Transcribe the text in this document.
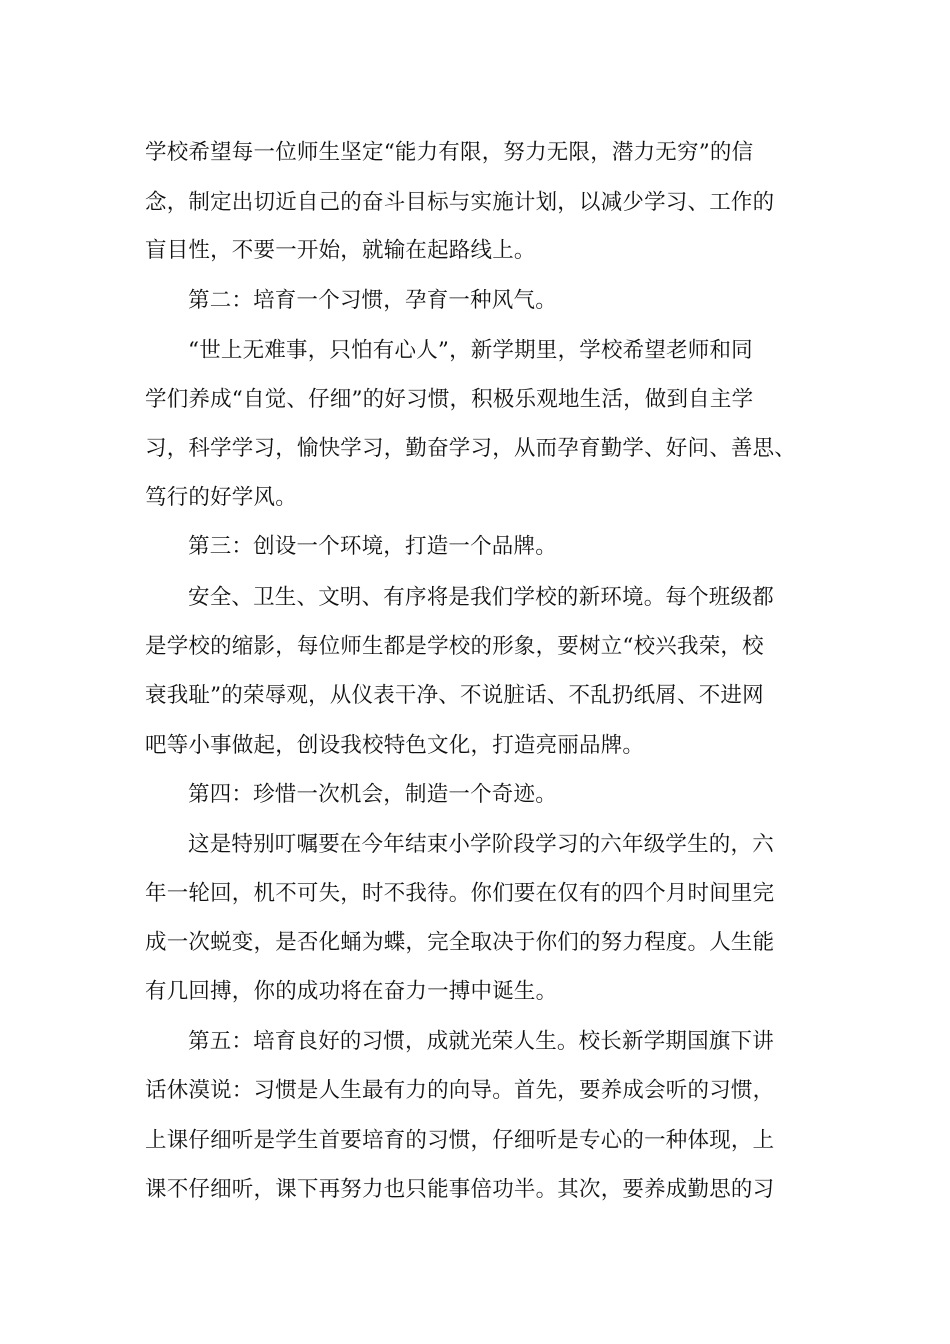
学校希望每一位师生坚定“能力有限，努力无限，潜力无穷”的信

念，制定出切近自己的奋斗目标与实施计划，以减少学习、工作的

盲目性，不要一开始，就输在起路线上。

第二：培育一个习惯，孕育一种风气。

“世上无难事，只怕有心人”，新学期里，学校希望老师和同

学们养成“自觉、仔细”的好习惯，积极乐观地生活，做到自主学

习，科学学习，愉快学习，勤奋学习，从而孕育勤学、好问、善思、

笃行的好学风。

第三：创设一个环境，打造一个品牌。

安全、卫生、文明、有序将是我们学校的新环境。每个班级都

是学校的缩影，每位师生都是学校的形象，要树立“校兴我荣，校

衰我耻”的荣辱观，从仪表干净、不说脏话、不乱扔纸屑、不进网

吧等小事做起，创设我校特色文化，打造亮丽品牌。

第四：珍惜一次机会，制造一个奇迹。

这是特别叮嘱要在今年结束小学阶段学习的六年级学生的，六

年一轮回，机不可失，时不我待。你们要在仅有的四个月时间里完

成一次蜕变，是否化蛹为蝶，完全取决于你们的努力程度。人生能

有几回搏，你的成功将在奋力一搏中诞生。

第五：培育良好的习惯，成就光荣人生。校长新学期国旗下讲

话休漠说：习惯是人生最有力的向导。首先，要养成会听的习惯，

上课仔细听是学生首要培育的习惯，仔细听是专心的一种体现，上

课不仔细听，课下再努力也只能事倍功半。其次，要养成勤思的习
